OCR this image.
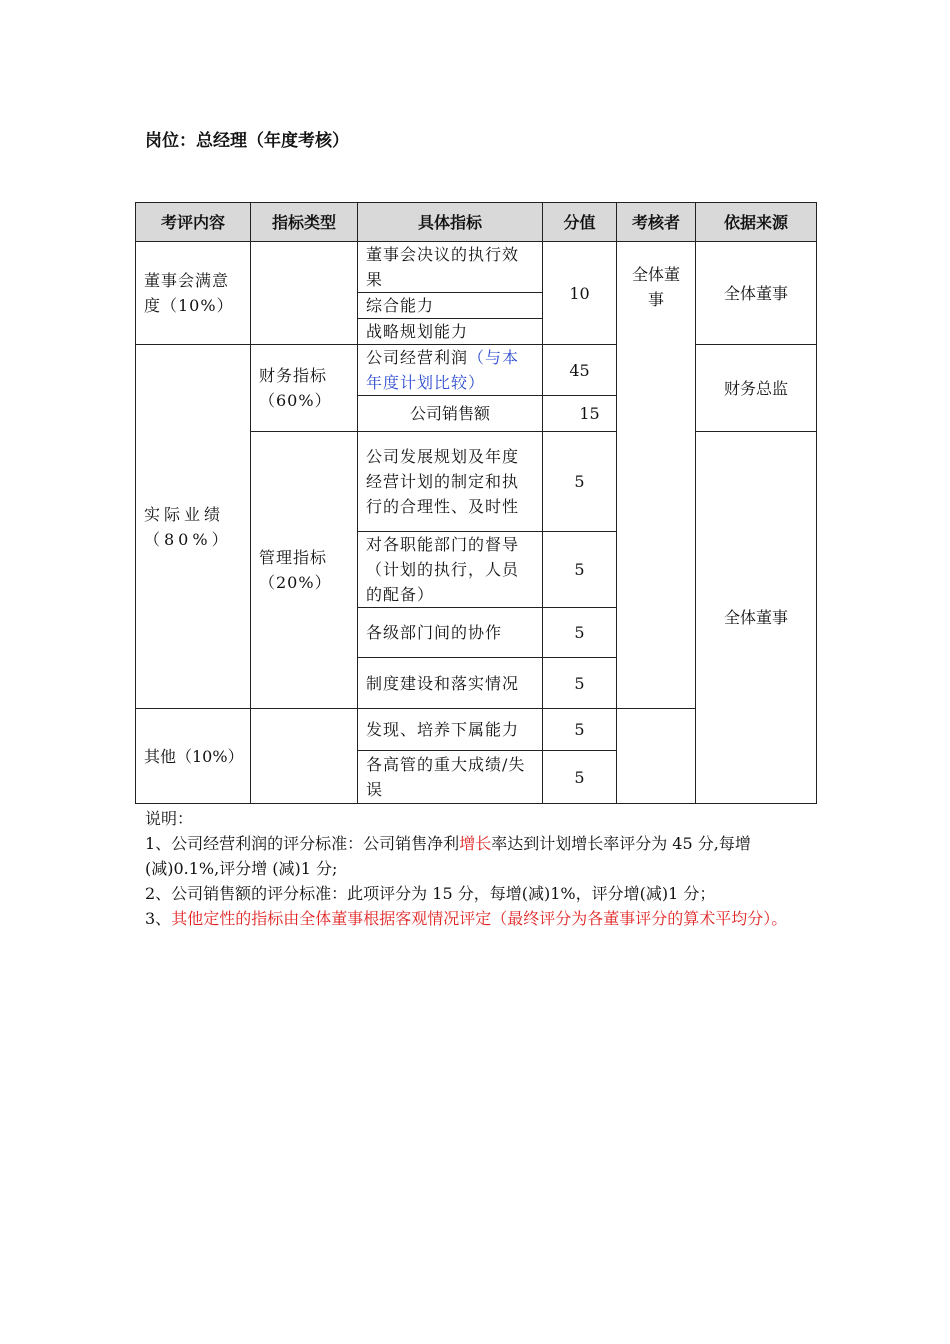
岗位：总经理（年度考核）
考评内容	指标类型	具体指标	分值	考核者	依据来源
董事会满意度（10%）		董事会决议的执行效果	10	全体董事	全体董事
		综合能力			
		战略规划能力			
实际业绩（80%）	财务指标（60%）	公司经营利润（与本年度计划比较）	45		财务总监
		公司销售额	15		
	管理指标（20%）	公司发展规划及年度经营计划的制定和执行的合理性、及时性	5		全体董事
		对各职能部门的督导（计划的执行，人员的配备）	5		
		各级部门间的协作	5		
		制度建设和落实情况	5		
其他（10%）		发现、培养下属能力	5		
		各高管的重大成绩/失误	5		

说明：

1、公司经营利润的评分标准：公司销售净利增长率达到计划增长率评分为 45 分,每增(减)0.1%,评分增 (减)1 分;

2、公司销售额的评分标准：此项评分为 15 分，每增(减)1%，评分增(减)1 分；

3、其他定性的指标由全体董事根据客观情况评定（最终评分为各董事评分的算术平均分）。
